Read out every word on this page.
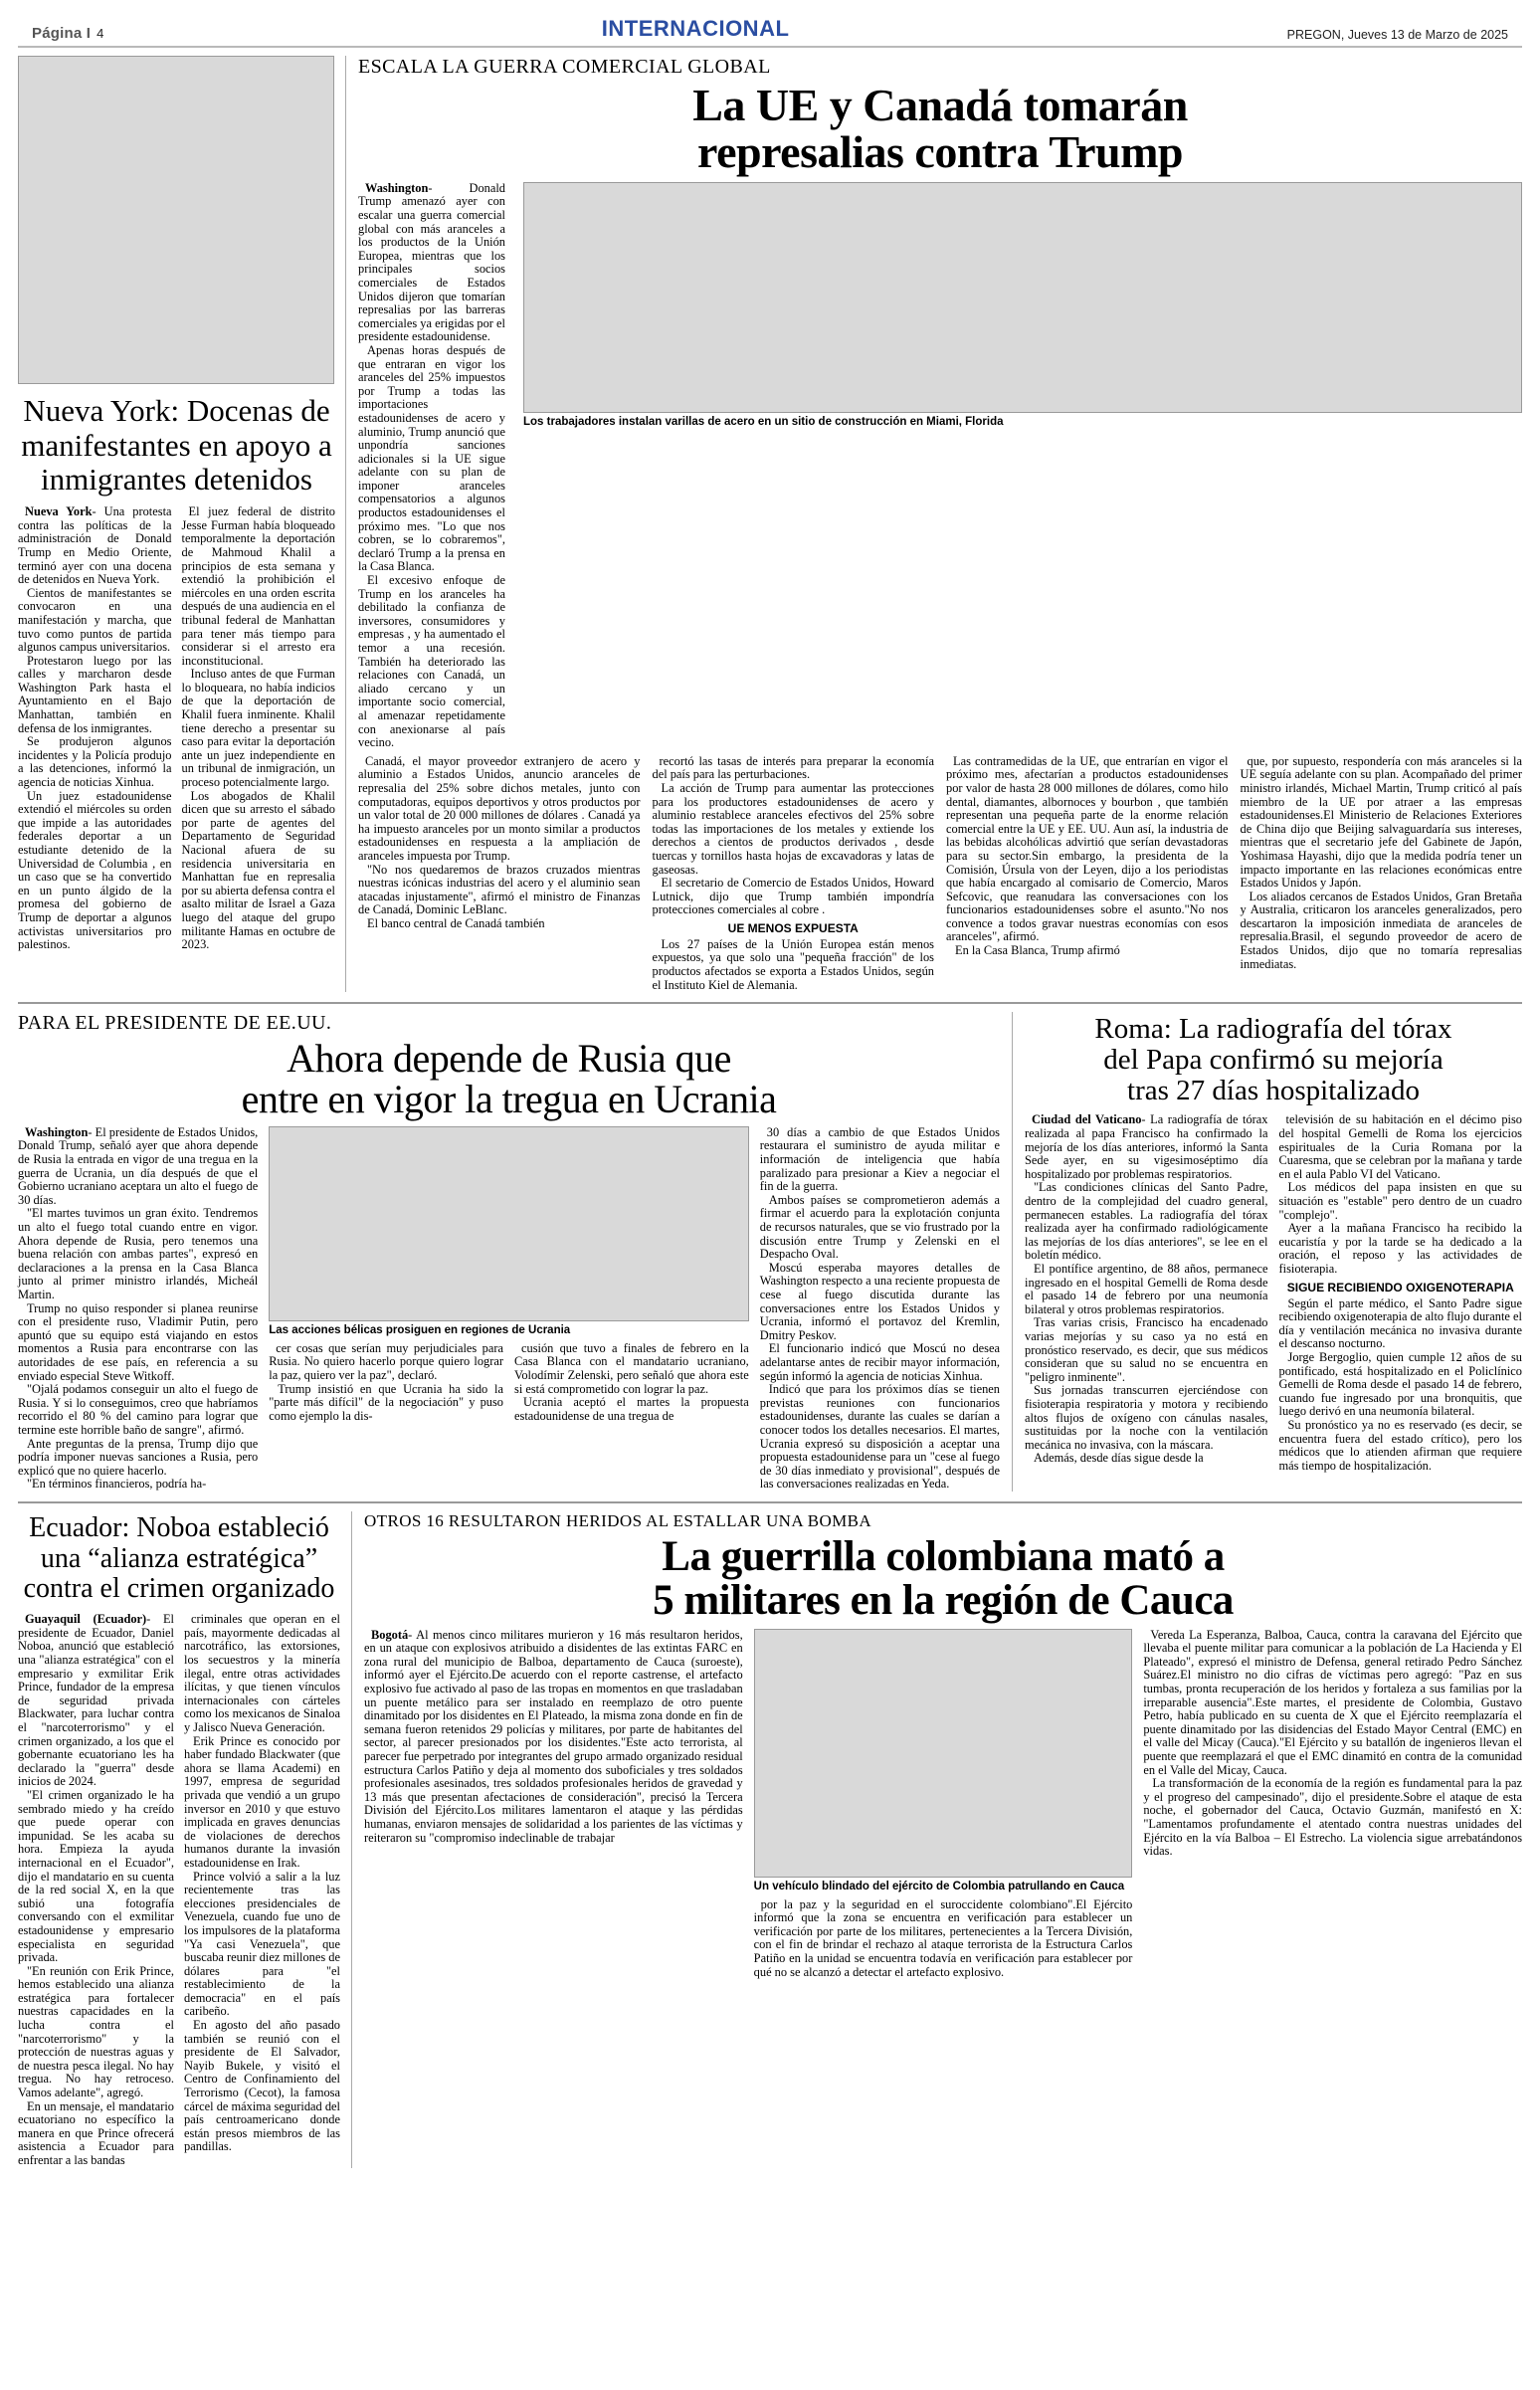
Página I 4	INTERNACIONAL	PREGON, Jueves 13 de Marzo de 2025
Nueva York: Docenas de manifestantes en apoyo a inmigrantes detenidos

Nueva York- Una protesta contra las políticas de la administración de Donald Trump en Medio Oriente, terminó ayer con una docena de detenidos en Nueva York.

Cientos de manifestantes se convocaron en una manifestación y marcha, que tuvo como puntos de partida algunos campus universitarios.

Protestaron luego por las calles y marcharon desde Washington Park hasta el Ayuntamiento en el Bajo Manhattan, también en defensa de los inmigrantes.

Se produjeron algunos incidentes y la Policía produjo a las detenciones, informó la agencia de noticias Xinhua.

Un juez estadounidense extendió el miércoles su orden que impide a las autoridades federales deportar a un estudiante detenido de la Universidad de Columbia , en un caso que se ha convertido en un punto álgido de la promesa del gobierno de Trump de deportar a algunos activistas universitarios pro palestinos.

El juez federal de distrito Jesse Furman había bloqueado temporalmente la deportación de Mahmoud Khalil a principios de esta semana y extendió la prohibición el miércoles en una orden escrita después de una audiencia en el tribunal federal de Manhattan para tener más tiempo para considerar si el arresto era inconstitucional.

Incluso antes de que Furman lo bloqueara, no había indicios de que la deportación de Khalil fuera inminente. Khalil tiene derecho a presentar su caso para evitar la deportación ante un juez independiente en un tribunal de inmigración, un proceso potencialmente largo.

Los abogados de Khalil dicen que su arresto el sábado por parte de agentes del Departamento de Seguridad Nacional afuera de su residencia universitaria en Manhattan fue en represalia por su abierta defensa contra el asalto militar de Israel a Gaza luego del ataque del grupo militante Hamas en octubre de 2023.

ESCALA LA GUERRA COMERCIAL GLOBAL
La UE y Canadá tomarán
represalias contra Trump

Washington- Donald Trump amenazó ayer con escalar una guerra comercial global con más aranceles a los productos de la Unión Europea, mientras que los principales socios comerciales de Estados Unidos dijeron que tomarían represalias por las barreras comerciales ya erigidas por el presidente estadounidense.

Apenas horas después de que entraran en vigor los aranceles del 25% impuestos por Trump a todas las importaciones estadounidenses de acero y aluminio, Trump anunció que unpondría sanciones adicionales si la UE sigue adelante con su plan de imponer aranceles compensatorios a algunos productos estadounidenses el próximo mes. "Lo que nos cobren, se lo cobraremos", declaró Trump a la prensa en la Casa Blanca.

El excesivo enfoque de Trump en los aranceles ha debilitado la confianza de inversores, consumidores y empresas , y ha aumentado el temor a una recesión. También ha deteriorado las relaciones con Canadá, un aliado cercano y un importante socio comercial, al amenazar repetidamente con anexionarse al país vecino.

Los trabajadores instalan varillas de acero en un sitio de construcción en Miami, Florida

Canadá, el mayor proveedor extranjero de acero y aluminio a Estados Unidos, anuncio aranceles de represalia del 25% sobre dichos metales, junto con computadoras, equipos deportivos y otros productos por un valor total de 20 000 millones de dólares . Canadá ya ha impuesto aranceles por un monto similar a productos estadounidenses en respuesta a la ampliación de aranceles impuesta por Trump.

"No nos quedaremos de brazos cruzados mientras nuestras icónicas industrias del acero y el aluminio sean atacadas injustamente", afirmó el ministro de Finanzas de Canadá, Dominic LeBlanc.

El banco central de Canadá también

recortó las tasas de interés para preparar la economía del país para las perturbaciones.

La acción de Trump para aumentar las protecciones para los productores estadounidenses de acero y aluminio restablece aranceles efectivos del 25% sobre todas las importaciones de los metales y extiende los derechos a cientos de productos derivados , desde tuercas y tornillos hasta hojas de excavadoras y latas de gaseosas.

El secretario de Comercio de Estados Unidos, Howard Lutnick, dijo que Trump también impondría protecciones comerciales al cobre .

UE MENOS EXPUESTA

Los 27 países de la Unión Europea están menos expuestos, ya que solo una "pequeña fracción" de los productos afectados se exporta a Estados Unidos, según el Instituto Kiel de Alemania.

Las contramedidas de la UE, que entrarían en vigor el próximo mes, afectarían a productos estadounidenses por valor de hasta 28 000 millones de dólares, como hilo dental, diamantes, albornoces y bourbon , que también representan una pequeña parte de la enorme relación comercial entre la UE y EE. UU. Aun así, la industria de las bebidas alcohólicas advirtió que serían devastadoras para su sector.Sin embargo, la presidenta de la Comisión, Úrsula von der Leyen, dijo a los periodistas que había encargado al comisario de Comercio, Maros Sefcovic, que reanudara las conversaciones con los funcionarios estadounidenses sobre el asunto."No nos convence a todos gravar nuestras economías con esos aranceles", afirmó.

En la Casa Blanca, Trump afirmó

que, por supuesto, respondería con más aranceles si la UE seguía adelante con su plan. Acompañado del primer ministro irlandés, Michael Martin, Trump criticó al país miembro de la UE por atraer a las empresas estadounidenses.El Ministerio de Relaciones Exteriores de China dijo que Beijing salvaguardaría sus intereses, mientras que el secretario jefe del Gabinete de Japón, Yoshimasa Hayashi, dijo que la medida podría tener un impacto importante en las relaciones económicas entre Estados Unidos y Japón.

Los aliados cercanos de Estados Unidos, Gran Bretaña y Australia, criticaron los aranceles generalizados, pero descartaron la imposición inmediata de aranceles de represalia.Brasil, el segundo proveedor de acero de Estados Unidos, dijo que no tomaría represalias inmediatas.

PARA EL PRESIDENTE DE EE.UU.
Ahora depende de Rusia que
entre en vigor la tregua en Ucrania

Washington- El presidente de Estados Unidos, Donald Trump, señaló ayer que ahora depende de Rusia la entrada en vigor de una tregua en la guerra de Ucrania, un día después de que el Gobierno ucraniano aceptara un alto el fuego de 30 días.

"El martes tuvimos un gran éxito. Tendremos un alto el fuego total cuando entre en vigor. Ahora depende de Rusia, pero tenemos una buena relación con ambas partes", expresó en declaraciones a la prensa en la Casa Blanca junto al primer ministro irlandés, Micheál Martin.

Trump no quiso responder si planea reunirse con el presidente ruso, Vladimir Putin, pero apuntó que su equipo está viajando en estos momentos a Rusia para encontrarse con las autoridades de ese país, en referencia a su enviado especial Steve Witkoff.

"Ojalá podamos conseguir un alto el fuego de Rusia. Y si lo conseguimos, creo que habríamos recorrido el 80 % del camino para lograr que termine este horrible baño de sangre", afirmó.

Ante preguntas de la prensa, Trump dijo que podría imponer nuevas sanciones a Rusia, pero explicó que no quiere hacerlo.

"En términos financieros, podría ha-

Las acciones bélicas prosiguen en regiones de Ucrania

cer cosas que serían muy perjudiciales para Rusia. No quiero hacerlo porque quiero lograr la paz, quiero ver la paz", declaró.

Trump insistió en que Ucrania ha sido la "parte más difícil" de la negociación" y puso como ejemplo la dis-

cusión que tuvo a finales de febrero en la Casa Blanca con el mandatario ucraniano, Volodímir Zelenski, pero señaló que ahora este si está comprometido con lograr la paz.

Ucrania aceptó el martes la propuesta estadounidense de una tregua de

30 días a cambio de que Estados Unidos restaurara el suministro de ayuda militar e información de inteligencia que había paralizado para presionar a Kiev a negociar el fin de la guerra.

Ambos países se comprometieron además a firmar el acuerdo para la explotación conjunta de recursos naturales, que se vio frustrado por la discusión entre Trump y Zelenski en el Despacho Oval.

Moscú esperaba mayores detalles de Washington respecto a una reciente propuesta de cese al fuego discutida durante las conversaciones entre los Estados Unidos y Ucrania, informó el portavoz del Kremlin, Dmitry Peskov.

El funcionario indicó que Moscú no desea adelantarse antes de recibir mayor información, según informó la agencia de noticias Xinhua.

Indicó que para los próximos días se tienen previstas reuniones con funcionarios estadounidenses, durante las cuales se darían a conocer todos los detalles necesarios. El martes, Ucrania expresó su disposición a aceptar una propuesta estadounidense para un "cese al fuego de 30 días inmediato y provisional", después de las conversaciones realizadas en Yeda.

Roma: La radiografía del tórax
del Papa confirmó su mejoría
tras 27 días hospitalizado

Ciudad del Vaticano- La radiografía de tórax realizada al papa Francisco ha confirmado la mejoría de los días anteriores, informó la Santa Sede ayer, en su vigesimoséptimo día hospitalizado por problemas respiratorios.

"Las condiciones clínicas del Santo Padre, dentro de la complejidad del cuadro general, permanecen estables. La radiografía del tórax realizada ayer ha confirmado radiológicamente las mejorías de los días anteriores", se lee en el boletín médico.

El pontífice argentino, de 88 años, permanece ingresado en el hospital Gemelli de Roma desde el pasado 14 de febrero por una neumonía bilateral y otros problemas respiratorios.

Tras varias crisis, Francisco ha encadenado varias mejorías y su caso ya no está en pronóstico reservado, es decir, que sus médicos consideran que su salud no se encuentra en "peligro inminente".

Sus jornadas transcurren ejerciéndose con fisioterapia respiratoria y motora y recibiendo altos flujos de oxígeno con cánulas nasales, sustituidas por la noche con la ventilación mecánica no invasiva, con la máscara.

Además, desde días sigue desde la

televisión de su habitación en el décimo piso del hospital Gemelli de Roma los ejercicios espirituales de la Curia Romana por la Cuaresma, que se celebran por la mañana y tarde en el aula Pablo VI del Vaticano.

Los médicos del papa insisten en que su situación es "estable" pero dentro de un cuadro "complejo".

Ayer a la mañana Francisco ha recibido la eucaristía y por la tarde se ha dedicado a la oración, el reposo y las actividades de fisioterapia.

SIGUE RECIBIENDO OXIGENOTERAPIA

Según el parte médico, el Santo Padre sigue recibiendo oxigenoterapia de alto flujo durante el día y ventilación mecánica no invasiva durante el descanso nocturno.

Jorge Bergoglio, quien cumple 12 años de su pontificado, está hospitalizado en el Policlínico Gemelli de Roma desde el pasado 14 de febrero, cuando fue ingresado por una bronquitis, que luego derivó en una neumonía bilateral.

Su pronóstico ya no es reservado (es decir, se encuentra fuera del estado crítico), pero los médicos que lo atienden afirman que requiere más tiempo de hospitalización.

Ecuador: Noboa estableció
una “alianza estratégica”
contra el crimen organizado

Guayaquil (Ecuador)- El presidente de Ecuador, Daniel Noboa, anunció que estableció una "alianza estratégica" con el empresario y exmilitar Erik Prince, fundador de la empresa de seguridad privada Blackwater, para luchar contra el "narcoterrorismo" y el crimen organizado, a los que el gobernante ecuatoriano les ha declarado la "guerra" desde inicios de 2024.

"El crimen organizado le ha sembrado miedo y ha creído que puede operar con impunidad. Se les acaba su hora. Empieza la ayuda internacional en el Ecuador", dijo el mandatario en su cuenta de la red social X, en la que subió una fotografía conversando con el exmilitar estadounidense y empresario especialista en seguridad privada.

"En reunión con Erik Prince, hemos establecido una alianza estratégica para fortalecer nuestras capacidades en la lucha contra el "narcoterrorismo" y la protección de nuestras aguas y de nuestra pesca ilegal. No hay tregua. No hay retroceso. Vamos adelante", agregó.

En un mensaje, el mandatario ecuatoriano no específico la manera en que Prince ofrecerá asistencia a Ecuador para enfrentar a las bandas

criminales que operan en el país, mayormente dedicadas al narcotráfico, las extorsiones, los secuestros y la minería ilegal, entre otras actividades ilícitas, y que tienen vínculos internacionales con cárteles como los mexicanos de Sinaloa y Jalisco Nueva Generación.

Erik Prince es conocido por haber fundado Blackwater (que ahora se llama Academi) en 1997, empresa de seguridad privada que vendió a un grupo inversor en 2010 y que estuvo implicada en graves denuncias de violaciones de derechos humanos durante la invasión estadounidense en Irak.

Prince volvió a salir a la luz recientemente tras las elecciones presidenciales de Venezuela, cuando fue uno de los impulsores de la plataforma "Ya casi Venezuela", que buscaba reunir diez millones de dólares para "el restablecimiento de la democracia" en el país caribeño.

En agosto del año pasado también se reunió con el presidente de El Salvador, Nayib Bukele, y visitó el Centro de Confinamiento del Terrorismo (Cecot), la famosa cárcel de máxima seguridad del país centroamericano donde están presos miembros de las pandillas.

OTROS 16 RESULTARON HERIDOS AL ESTALLAR UNA BOMBA
La guerrilla colombiana mató a
5 militares en la región de Cauca

Bogotá- Al menos cinco militares murieron y 16 más resultaron heridos, en un ataque con explosivos atribuido a disidentes de las extintas FARC en zona rural del municipio de Balboa, departamento de Cauca (suroeste), informó ayer el Ejército.De acuerdo con el reporte castrense, el artefacto explosivo fue activado al paso de las tropas en momentos en que trasladaban un puente metálico para ser instalado en reemplazo de otro puente dinamitado por los disidentes en El Plateado, la misma zona donde en fin de semana fueron retenidos 29 policías y militares, por parte de habitantes del sector, al parecer presionados por los disidentes."Este acto terrorista, al parecer fue perpetrado por integrantes del grupo armado organizado residual estructura Carlos Patiño y deja al momento dos suboficiales y tres soldados profesionales asesinados, tres soldados profesionales heridos de gravedad y 13 más que presentan afectaciones de consideración", precisó la Tercera División del Ejército.Los militares lamentaron el ataque y las pérdidas humanas, enviaron mensajes de solidaridad a los parientes de las víctimas y reiteraron su "compromiso indeclinable de trabajar

Un vehículo blindado del ejército de Colombia patrullando en Cauca

por la paz y la seguridad en el suroccidente colombiano".El Ejército informó que la zona se encuentra en verificación para establecer un verificación por parte de los militares, pertenecientes a la Tercera División, con el fin de brindar el rechazo al ataque terrorista de la Estructura Carlos Patiño en la unidad se encuentra todavía en verificación para establecer por qué no se alcanzó a detectar el artefacto explosivo.

Vereda La Esperanza, Balboa, Cauca, contra la caravana del Ejército que llevaba el puente militar para comunicar a la población de La Hacienda y El Plateado", expresó el ministro de Defensa, general retirado Pedro Sánchez Suárez.El ministro no dio cifras de víctimas pero agregó: "Paz en sus tumbas, pronta recuperación de los heridos y fortaleza a sus familias por la irreparable ausencia".Este martes, el presidente de Colombia, Gustavo Petro, había publicado en su cuenta de X que el Ejército reemplazaría el puente dinamitado por las disidencias del Estado Mayor Central (EMC) en el valle del Micay (Cauca)."El Ejército y su batallón de ingenieros llevan el puente que reemplazará el que el EMC dinamitó en contra de la comunidad en el Valle del Micay, Cauca.

La transformación de la economía de la región es fundamental para la paz y el progreso del campesinado", dijo el presidente.Sobre el ataque de esta noche, el gobernador del Cauca, Octavio Guzmán, manifestó en X: "Lamentamos profundamente el atentado contra nuestras unidades del Ejército en la vía Balboa – El Estrecho. La violencia sigue arrebatándonos vidas.
